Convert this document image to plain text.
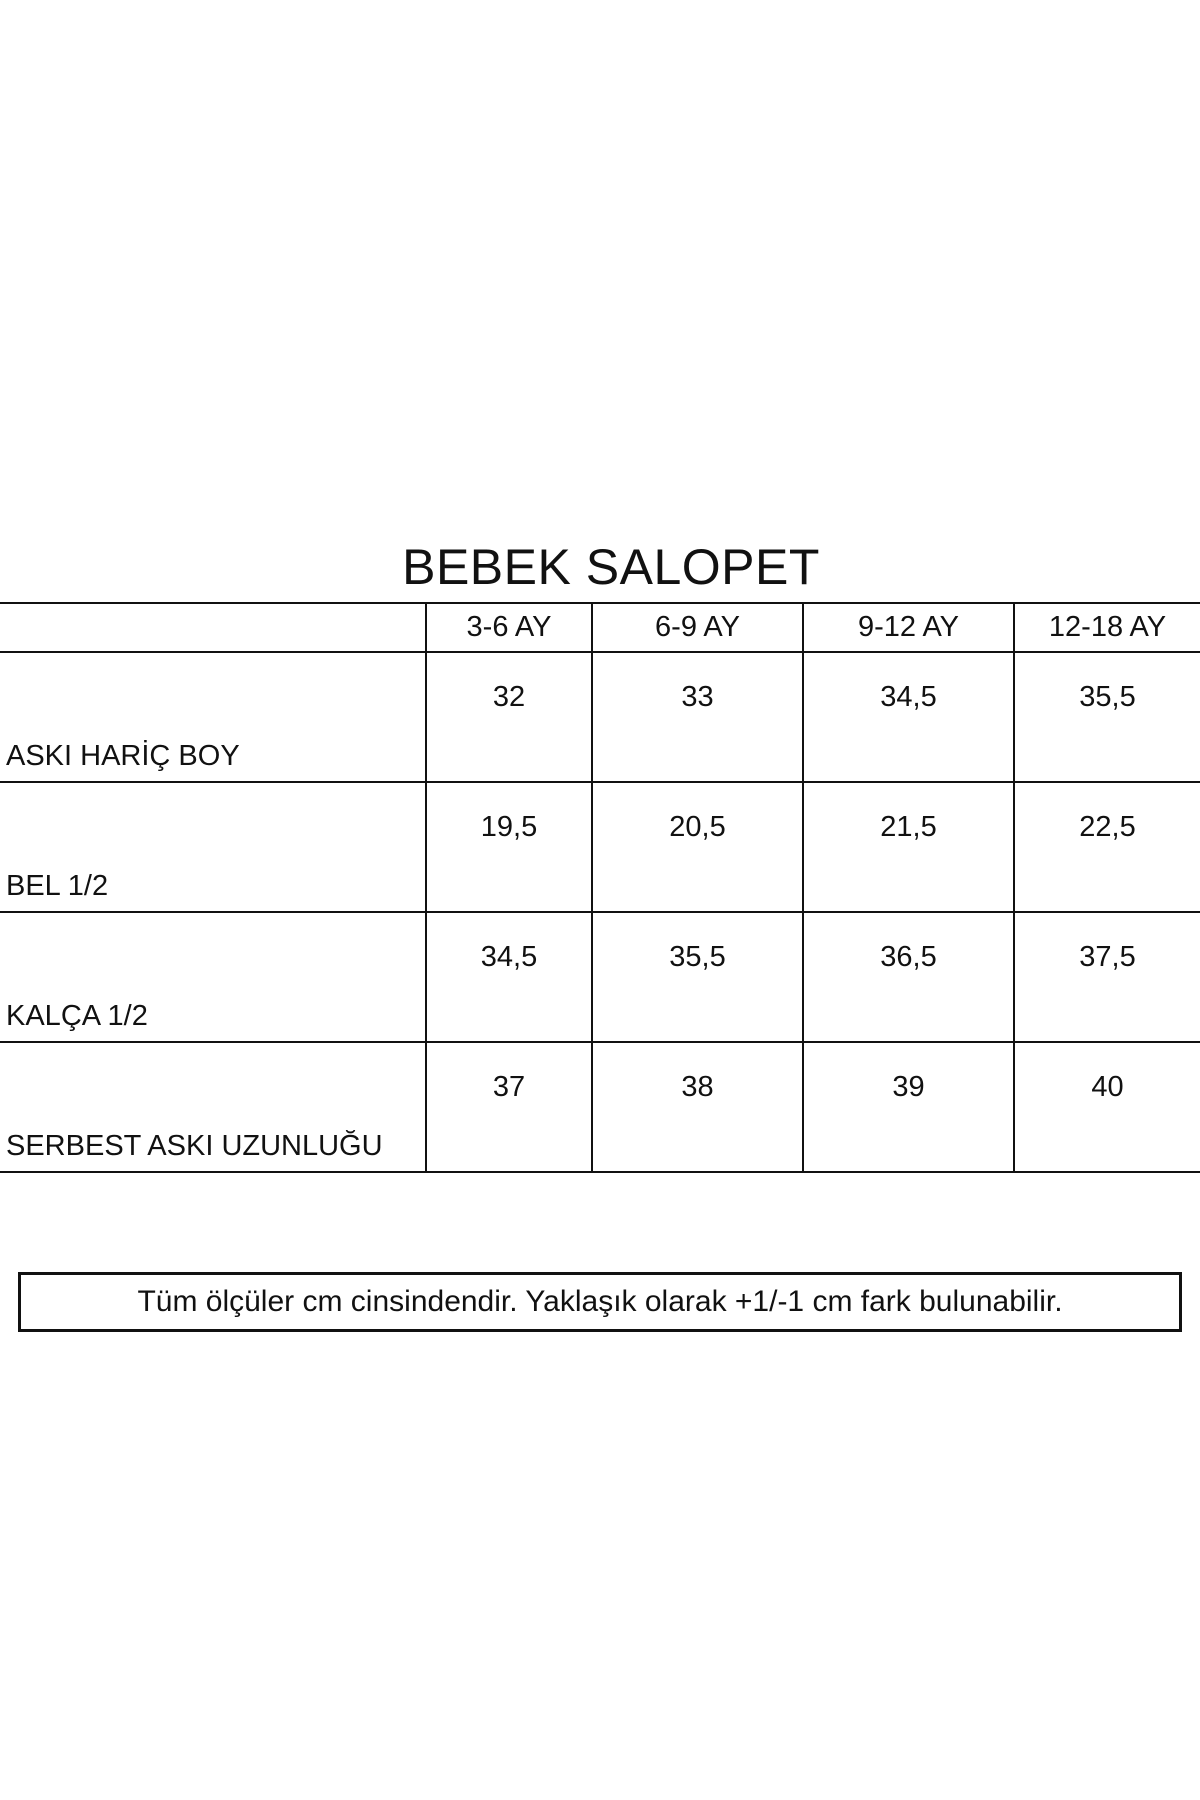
BEBEK SALOPET
	3-6 AY	6-9 AY	9-12 AY	12-18 AY
ASKI HARİÇ BOY	32	33	34,5	35,5
BEL 1/2	19,5	20,5	21,5	22,5
KALÇA 1/2	34,5	35,5	36,5	37,5
SERBEST ASKI UZUNLUĞU	37	38	39	40
Tüm ölçüler cm cinsindendir. Yaklaşık olarak +1/-1 cm fark bulunabilir.
